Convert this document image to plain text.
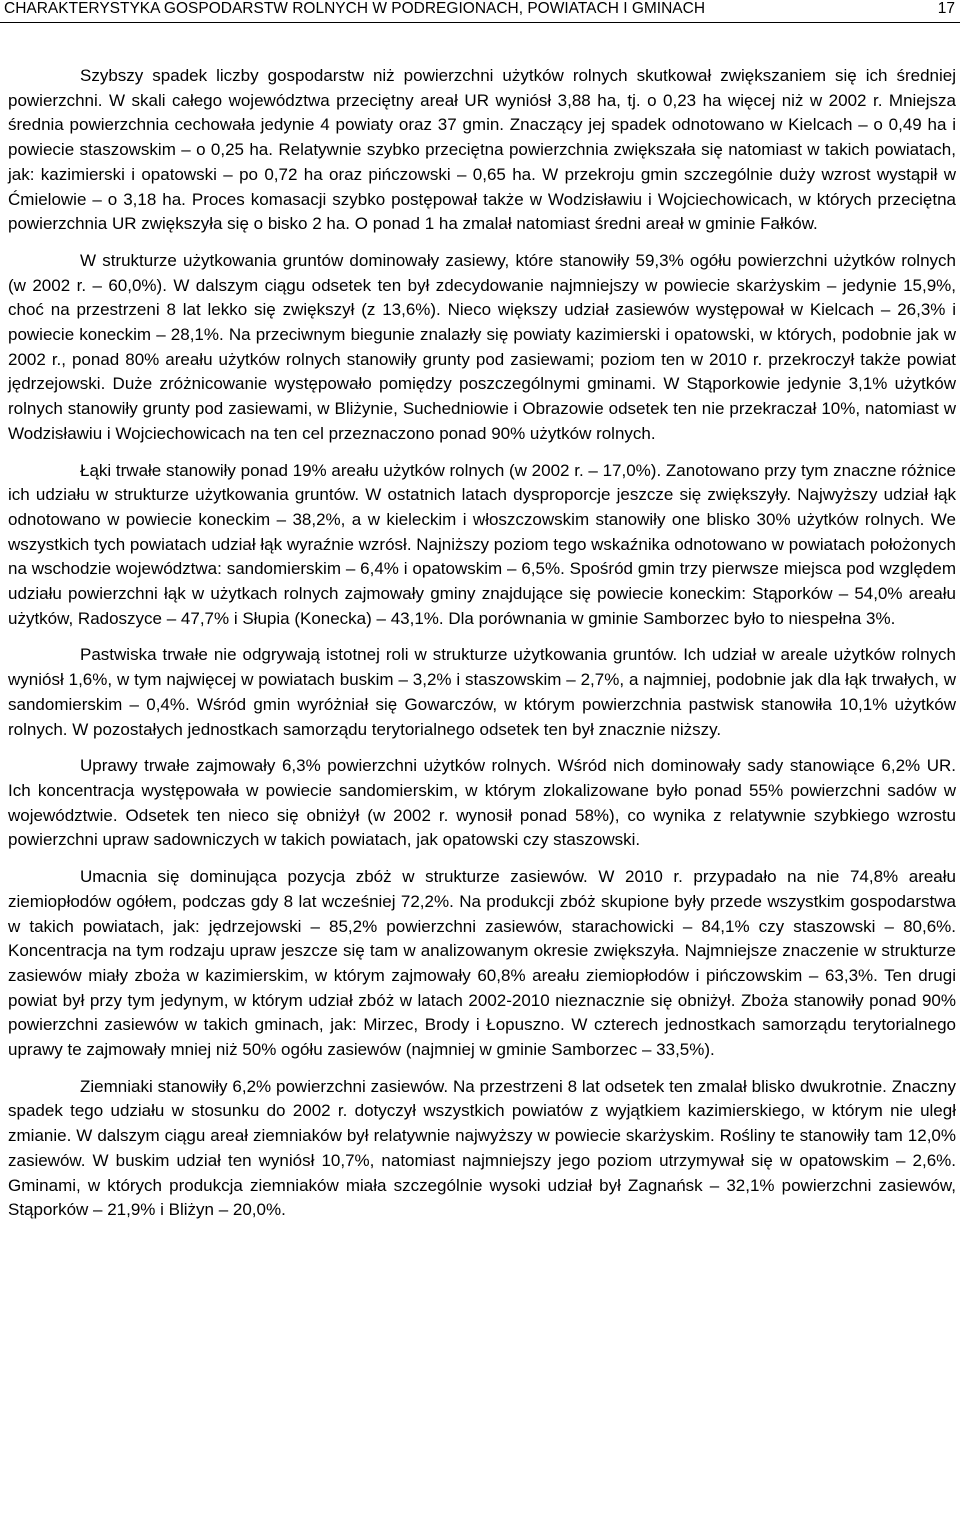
CHARAKTERYSTYKA GOSPODARSTW ROLNYCH W PODREGIONACH, POWIATACH I GMINACH	17

Szybszy spadek liczby gospodarstw niż powierzchni użytków rolnych skutkował zwiększaniem się ich średniej powierzchni. W skali całego województwa przeciętny areał UR wyniósł 3,88 ha, tj. o 0,23 ha więcej niż w 2002 r. Mniejsza średnia powierzchnia cechowała jedynie 4 powiaty oraz 37 gmin. Znaczący jej spadek odnotowano w Kielcach – o 0,49 ha i powiecie staszowskim – o 0,25 ha. Relatywnie szybko przeciętna powierzchnia zwiększała się natomiast w takich powiatach, jak: kazimierski i opatowski – po 0,72 ha oraz pińczowski – 0,65 ha. W przekroju gmin szczególnie duży wzrost wystąpił w Ćmielowie – o 3,18 ha. Proces komasacji szybko postępował także w Wodzisławiu i Wojciechowicach, w których przeciętna powierzchnia UR zwiększyła się o bisko 2 ha. O ponad 1 ha zmalał natomiast średni areał w gminie Fałków.

W strukturze użytkowania gruntów dominowały zasiewy, które stanowiły 59,3% ogółu powierzchni użytków rolnych (w 2002 r. – 60,0%). W dalszym ciągu odsetek ten był zdecydowanie najmniejszy w powiecie skarżyskim – jedynie 15,9%, choć na przestrzeni 8 lat lekko się zwiększył (z 13,6%). Nieco większy udział zasiewów występował w Kielcach – 26,3% i powiecie koneckim – 28,1%. Na przeciwnym biegunie znalazły się powiaty kazimierski i opatowski, w których, podobnie jak w 2002 r., ponad 80% areału użytków rolnych stanowiły grunty pod zasiewami; poziom ten w 2010 r. przekroczył także powiat jędrzejowski. Duże zróżnicowanie występowało pomiędzy poszczególnymi gminami. W Stąporkowie jedynie 3,1% użytków rolnych stanowiły grunty pod zasiewami, w Bliżynie, Suchedniowie i Obrazowie odsetek ten nie przekraczał 10%, natomiast w Wodzisławiu i Wojciechowicach na ten cel przeznaczono ponad 90% użytków rolnych.

Łąki trwałe stanowiły ponad 19% areału użytków rolnych (w 2002 r. – 17,0%). Zanotowano przy tym znaczne różnice ich udziału w strukturze użytkowania gruntów. W ostatnich latach dysproporcje jeszcze się zwiększyły. Najwyższy udział łąk odnotowano w powiecie koneckim – 38,2%, a w kieleckim i włoszczowskim stanowiły one blisko 30% użytków rolnych. We wszystkich tych powiatach udział łąk wyraźnie wzrósł. Najniższy poziom tego wskaźnika odnotowano w powiatach położonych na wschodzie województwa: sandomierskim – 6,4% i opatowskim – 6,5%. Spośród gmin trzy pierwsze miejsca pod względem udziału powierzchni łąk w użytkach rolnych zajmowały gminy znajdujące się powiecie koneckim: Stąporków – 54,0% areału użytków, Radoszyce – 47,7% i Słupia (Konecka) – 43,1%. Dla porównania w gminie Samborzec było to niespełna 3%.

Pastwiska trwałe nie odgrywają istotnej roli w strukturze użytkowania gruntów. Ich udział w areale użytków rolnych wyniósł 1,6%, w tym najwięcej w powiatach buskim – 3,2% i staszowskim – 2,7%, a najmniej, podobnie jak dla łąk trwałych, w sandomierskim – 0,4%. Wśród gmin wyróżniał się Gowarczów, w którym powierzchnia pastwisk stanowiła 10,1% użytków rolnych. W pozostałych jednostkach samorządu terytorialnego odsetek ten był znacznie niższy.

Uprawy trwałe zajmowały 6,3% powierzchni użytków rolnych. Wśród nich dominowały sady stanowiące 6,2% UR. Ich koncentracja występowała w powiecie sandomierskim, w którym zlokalizowane było ponad 55% powierzchni sadów w województwie. Odsetek ten nieco się obniżył (w 2002 r. wynosił ponad 58%), co wynika z relatywnie szybkiego wzrostu powierzchni upraw sadowniczych w takich powiatach, jak opatowski czy staszowski.

Umacnia się dominująca pozycja zbóż w strukturze zasiewów. W 2010 r. przypadało na nie 74,8% areału ziemiopłodów ogółem, podczas gdy 8 lat wcześniej 72,2%. Na produkcji zbóż skupione były przede wszystkim gospodarstwa w takich powiatach, jak: jędrzejowski – 85,2% powierzchni zasiewów, starachowicki – 84,1% czy staszowski – 80,6%. Koncentracja na tym rodzaju upraw jeszcze się tam w analizowanym okresie zwiększyła. Najmniejsze znaczenie w strukturze zasiewów miały zboża w kazimierskim, w którym zajmowały 60,8% areału ziemiopłodów i pińczowskim – 63,3%. Ten drugi powiat był przy tym jedynym, w którym udział zbóż w latach 2002-2010 nieznacznie się obniżył. Zboża stanowiły ponad 90% powierzchni zasiewów w takich gminach, jak: Mirzec, Brody i Łopuszno. W czterech jednostkach samorządu terytorialnego uprawy te zajmowały mniej niż 50% ogółu zasiewów (najmniej w gminie Samborzec – 33,5%).

Ziemniaki stanowiły 6,2% powierzchni zasiewów. Na przestrzeni 8 lat odsetek ten zmalał blisko dwukrotnie. Znaczny spadek tego udziału w stosunku do 2002 r. dotyczył wszystkich powiatów z wyjątkiem kazimierskiego, w którym nie uległ zmianie. W dalszym ciągu areał ziemniaków był relatywnie najwyższy w powiecie skarżyskim. Rośliny te stanowiły tam 12,0% zasiewów. W buskim udział ten wyniósł 10,7%, natomiast najmniejszy jego poziom utrzymywał się w opatowskim – 2,6%. Gminami, w których produkcja ziemniaków miała szczególnie wysoki udział był Zagnańsk – 32,1% powierzchni zasiewów, Stąporków – 21,9% i Bliżyn – 20,0%.
